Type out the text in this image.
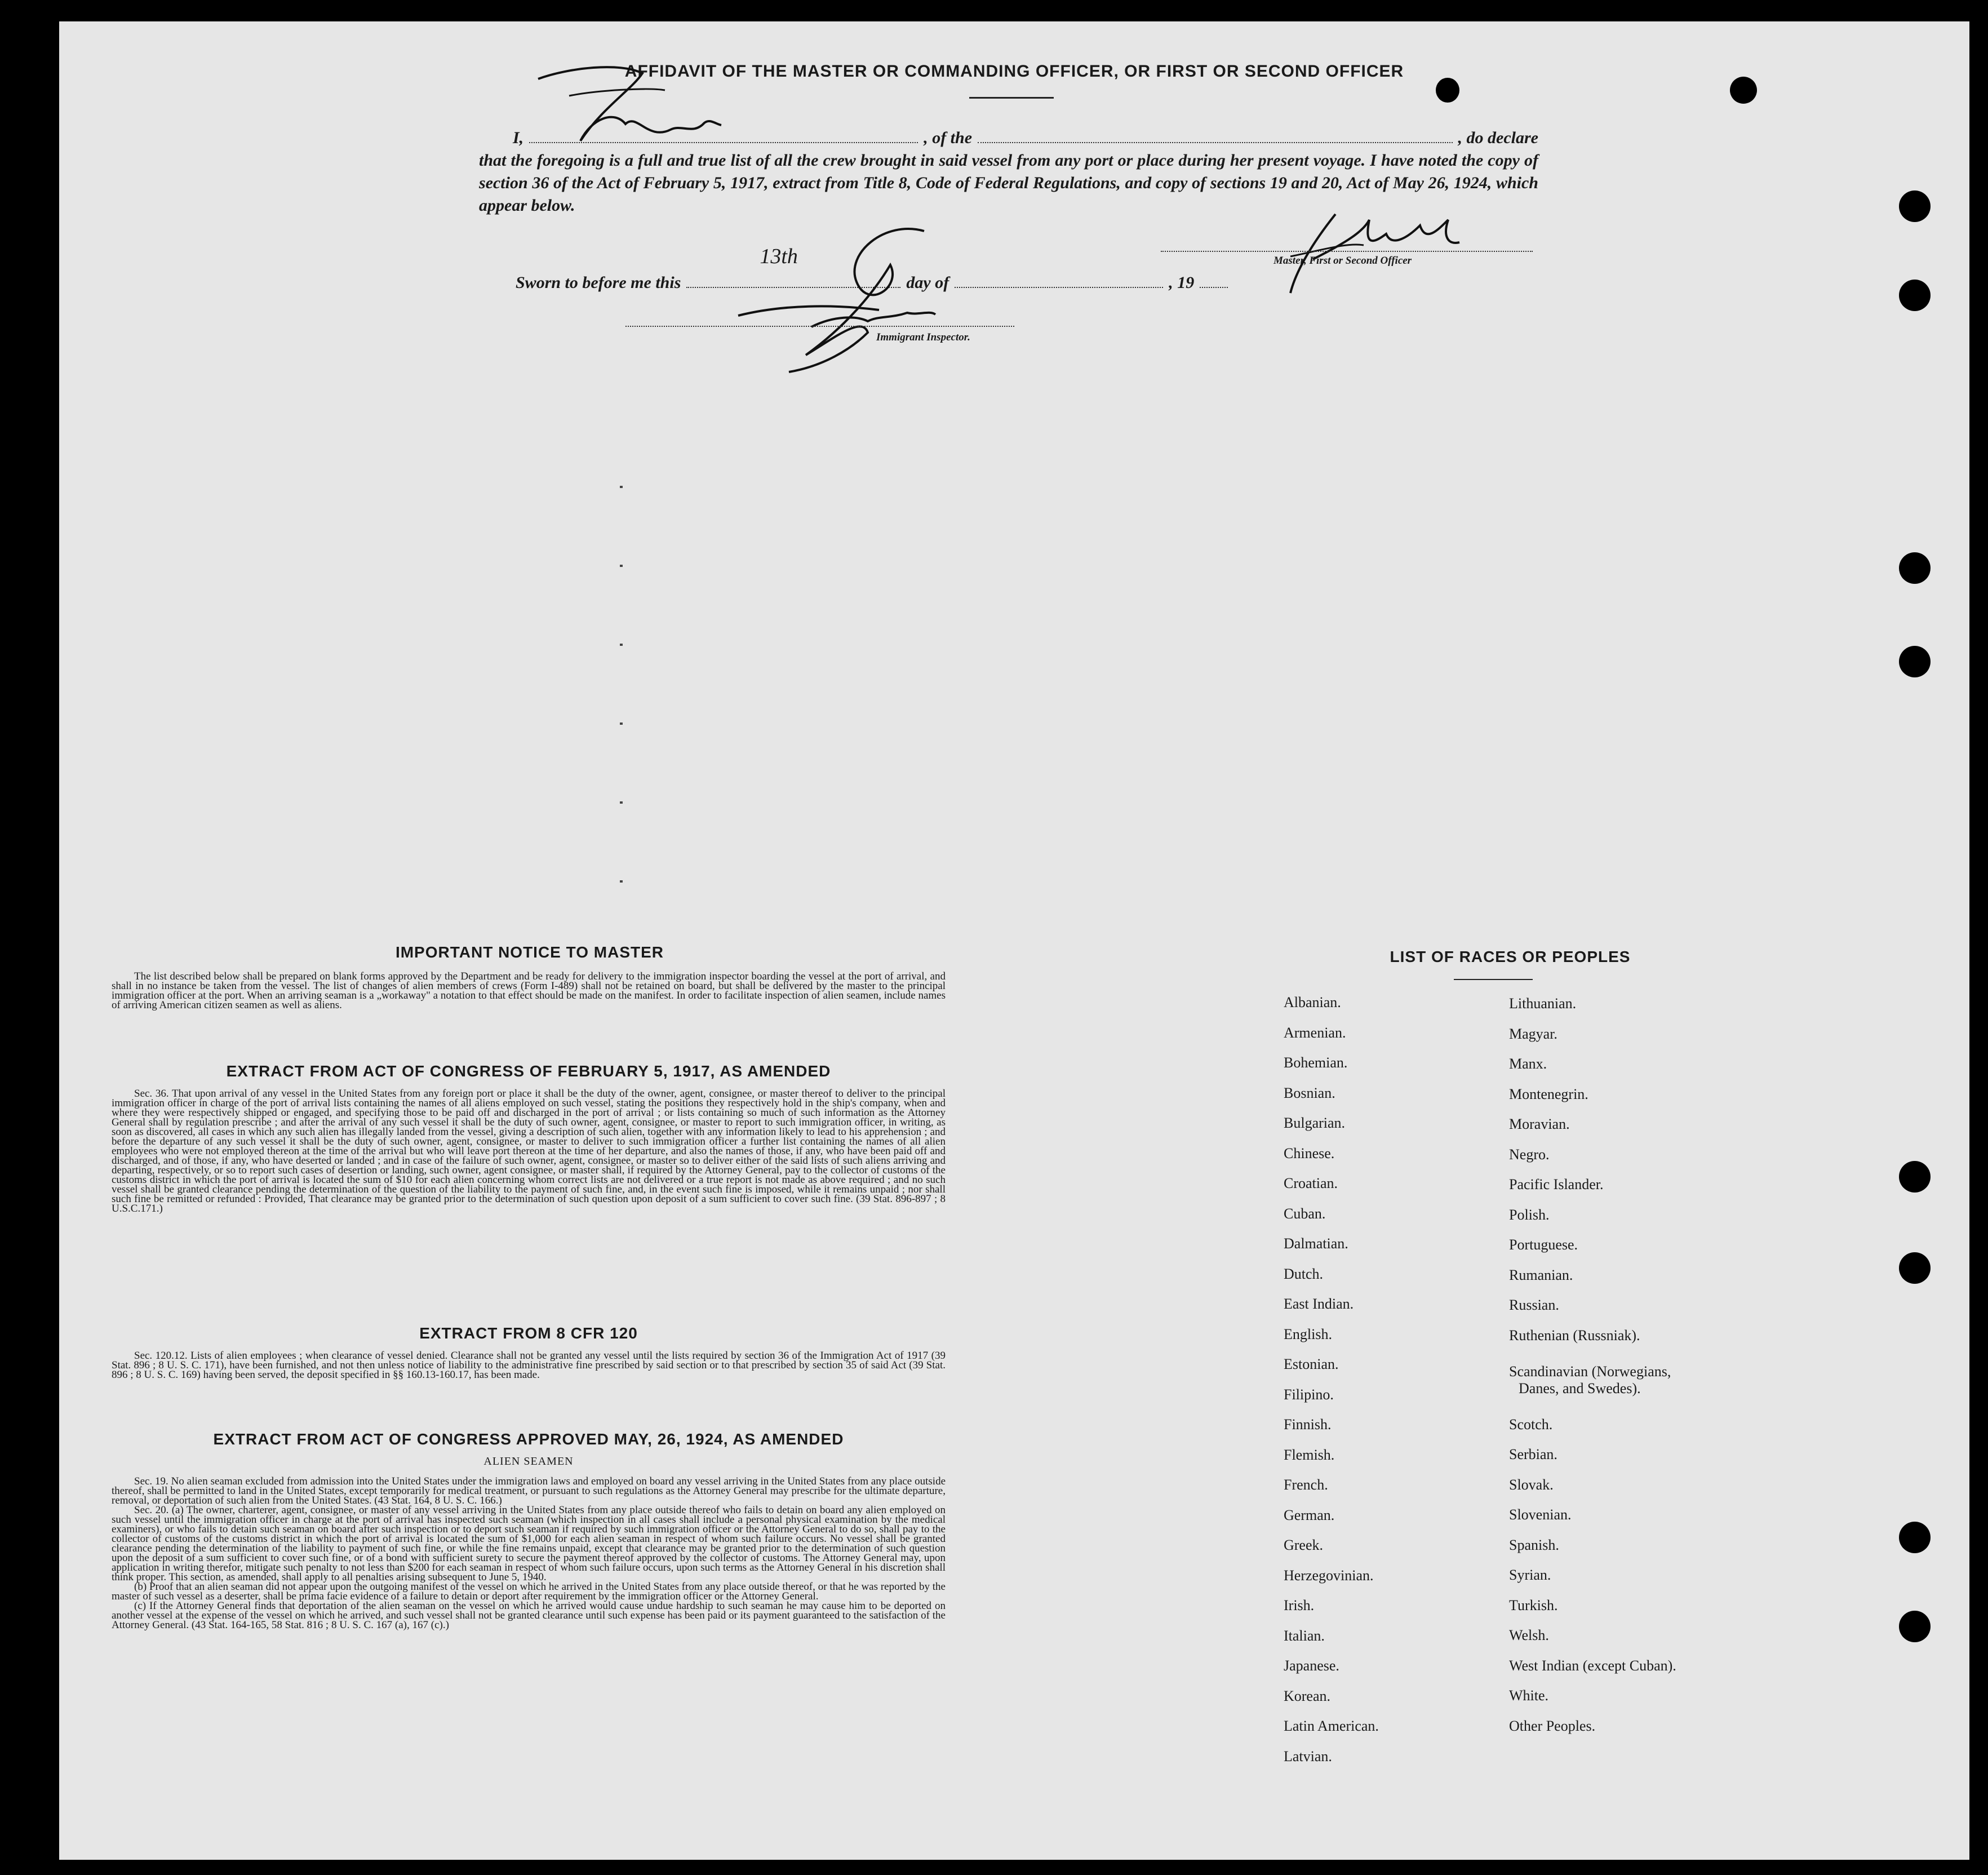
AFFIDAVIT OF THE MASTER OR COMMANDING OFFICER, OR FIRST OR SECOND OFFICER
I,	, of the	, do declare
that the foregoing is a full and true list of all the crew brought in said vessel from any port or place during her present voyage. I have noted the copy of section 36 of the Act of February 5, 1917, extract from Title 8, Code of Federal Regulations, and copy of sections 19 and 20, Act of May 26, 1924, which appear below.
Master, First or Second Officer
Sworn to before me this
13th
day of	, 19
Immigrant Inspector.
IMPORTANT NOTICE TO MASTER

The list described below shall be prepared on blank forms approved by the Department and be ready for delivery to the immigration inspector boarding the vessel at the port of arrival, and shall in no instance be taken from the vessel. The list of changes of alien members of crews (Form I-489) shall not be retained on board, but shall be delivered by the master to the principal immigration officer at the port. When an arriving seaman is a „workaway" a notation to that effect should be made on the manifest. In order to facilitate inspection of alien seamen, include names of arriving American citizen seamen as well as aliens.

EXTRACT FROM ACT OF CONGRESS OF FEBRUARY 5, 1917, AS AMENDED

Sec. 36. That upon arrival of any vessel in the United States from any foreign port or place it shall be the duty of the owner, agent, consignee, or master thereof to deliver to the principal immigration officer in charge of the port of arrival lists containing the names of all aliens employed on such vessel, stating the positions they respectively hold in the ship's company, when and where they were respectively shipped or engaged, and specifying those to be paid off and discharged in the port of arrival ; or lists containing so much of such information as the Attorney General shall by regulation prescribe ; and after the arrival of any such vessel it shall be the duty of such owner, agent, consignee, or master to report to such immigration officer, in writing, as soon as discovered, all cases in which any such alien has illegally landed from the vessel, giving a description of such alien, together with any information likely to lead to his apprehension ; and before the departure of any such vessel it shall be the duty of such owner, agent, consignee, or master to deliver to such immigration officer a further list containing the names of all alien employees who were not employed thereon at the time of the arrival but who will leave port thereon at the time of her departure, and also the names of those, if any, who have been paid off and discharged, and of those, if any, who have deserted or landed ; and in case of the failure of such owner, agent, consignee, or master so to deliver either of the said lists of such aliens arriving and departing, respectively, or so to report such cases of desertion or landing, such owner, agent consignee, or master shall, if required by the Attorney General, pay to the collector of customs of the customs district in which the port of arrival is located the sum of $10 for each alien concerning whom correct lists are not delivered or a true report is not made as above required ; and no such vessel shall be granted clearance pending the determination of the question of the liability to the payment of such fine, and, in the event such fine is imposed, while it remains unpaid ; nor shall such fine be remitted or refunded : Provided, That clearance may be granted prior to the determination of such question upon deposit of a sum sufficient to cover such fine. (39 Stat. 896-897 ; 8 U.S.C.171.)

EXTRACT FROM 8 CFR 120

Sec. 120.12. Lists of alien employees ; when clearance of vessel denied. Clearance shall not be granted any vessel until the lists required by section 36 of the Immigration Act of 1917 (39 Stat. 896 ; 8 U. S. C. 171), have been furnished, and not then unless notice of liability to the administrative fine prescribed by said section or to that prescribed by section 35 of said Act (39 Stat. 896 ; 8 U. S. C. 169) having been served, the deposit specified in §§ 160.13-160.17, has been made.

EXTRACT FROM ACT OF CONGRESS APPROVED MAY, 26, 1924, AS AMENDED
ALIEN SEAMEN

Sec. 19. No alien seaman excluded from admission into the United States under the immigration laws and employed on board any vessel arriving in the United States from any place outside thereof, shall be permitted to land in the United States, except temporarily for medical treatment, or pursuant to such regulations as the Attorney General may prescribe for the ultimate departure, removal, or deportation of such alien from the United States. (43 Stat. 164, 8 U. S. C. 166.)

Sec. 20. (a) The owner, charterer, agent, consignee, or master of any vessel arriving in the United States from any place outside thereof who fails to detain on board any alien employed on such vessel until the immigration officer in charge at the port of arrival has inspected such seaman (which inspection in all cases shall include a personal physical examination by the medical examiners), or who fails to detain such seaman on board after such inspection or to deport such seaman if required by such immigration officer or the Attorney General to do so, shall pay to the collector of customs of the customs district in which the port of arrival is located the sum of $1,000 for each alien seaman in respect of whom such failure occurs. No vessel shall be granted clearance pending the determination of the liability to payment of such fine, or while the fine remains unpaid, except that clearance may be granted prior to the determination of such question upon the deposit of a sum sufficient to cover such fine, or of a bond with sufficient surety to secure the payment thereof approved by the collector of customs. The Attorney General may, upon application in writing therefor, mitigate such penalty to not less than $200 for each seaman in respect of whom such failure occurs, upon such terms as the Attorney General in his discretion shall think proper. This section, as amended, shall apply to all penalties arising subsequent to June 5, 1940.

(b) Proof that an alien seaman did not appear upon the outgoing manifest of the vessel on which he arrived in the United States from any place outside thereof, or that he was reported by the master of such vessel as a deserter, shall be prima facie evidence of a failure to detain or deport after requirement by the immigration officer or the Attorney General.

(c) If the Attorney General finds that deportation of the alien seaman on the vessel on which he arrived would cause undue hardship to such seaman he may cause him to be deported on another vessel at the expense of the vessel on which he arrived, and such vessel shall not be granted clearance until such expense has been paid or its payment guaranteed to the satisfaction of the Attorney General. (43 Stat. 164-165, 58 Stat. 816 ; 8 U. S. C. 167 (a), 167 (c).)

LIST OF RACES OR PEOPLES
Albanian.
Armenian.
Bohemian.
Bosnian.
Bulgarian.
Chinese.
Croatian.
Cuban.
Dalmatian.
Dutch.
East Indian.
English.
Estonian.
Filipino.
Finnish.
Flemish.
French.
German.
Greek.
Herzegovinian.
Irish.
Italian.
Japanese.
Korean.
Latin American.
Latvian.
Lithuanian.
Magyar.
Manx.
Montenegrin.
Moravian.
Negro.
Pacific Islander.
Polish.
Portuguese.
Rumanian.
Russian.
Ruthenian (Russniak).
Scandinavian (Norwegians,
Danes, and Swedes).
Scotch.
Serbian.
Slovak.
Slovenian.
Spanish.
Syrian.
Turkish.
Welsh.
West Indian (except Cuban).
White.
Other Peoples.
